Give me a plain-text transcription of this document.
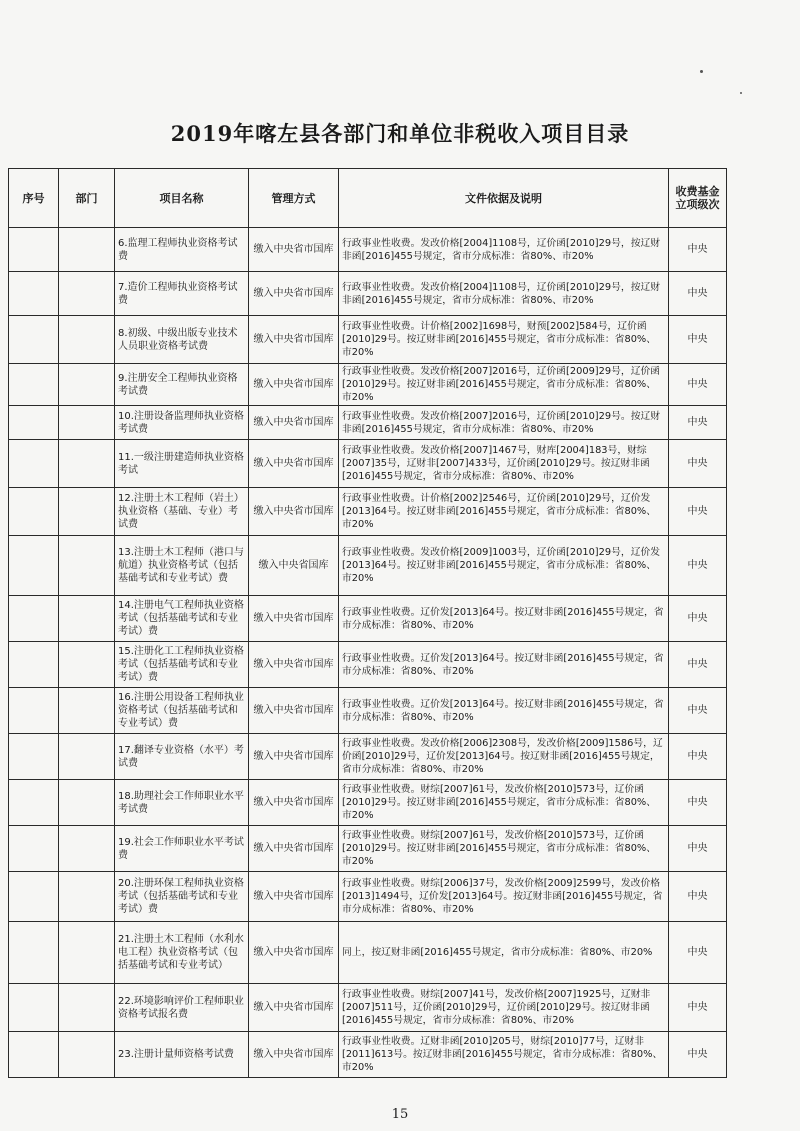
2019年喀左县各部门和单位非税收入项目目录
序号	部门	项目名称	管理方式	文件依据及说明	收费基金立项级次
		6.监理工程师执业资格考试费	缴入中央省市国库	行政事业性收费。发改价格[2004]1108号，辽价函[2010]29号，按辽财非函[2016]455号规定，省市分成标准：省80%、市20%	中央
		7.造价工程师执业资格考试费	缴入中央省市国库	行政事业性收费。发改价格[2004]1108号，辽价函[2010]29号，按辽财非函[2016]455号规定，省市分成标准：省80%、市20%	中央
		8.初级、中级出版专业技术人员职业资格考试费	缴入中央省市国库	行政事业性收费。计价格[2002]1698号，财预[2002]584号，辽价函[2010]29号。按辽财非函[2016]455号规定，省市分成标准：省80%、市20%	中央
		9.注册安全工程师执业资格考试费	缴入中央省市国库	行政事业性收费。发改价格[2007]2016号，辽价函[2009]29号，辽价函[2010]29号。按辽财非函[2016]455号规定，省市分成标准：省80%、市20%	中央
		10.注册设备监理师执业资格考试费	缴入中央省市国库	行政事业性收费。发改价格[2007]2016号，辽价函[2010]29号。按辽财非函[2016]455号规定，省市分成标准：省80%、市20%	中央
		11.一级注册建造师执业资格考试	缴入中央省市国库	行政事业性收费。发改价格[2007]1467号，财库[2004]183号，财综[2007]35号，辽财非[2007]433号，辽价函[2010]29号。按辽财非函[2016]455号规定，省市分成标准：省80%、市20%	中央
		12.注册土木工程师（岩土）执业资格（基础、专业）考试费	缴入中央省市国库	行政事业性收费。计价格[2002]2546号，辽价函[2010]29号，辽价发[2013]64号。按辽财非函[2016]455号规定，省市分成标准：省80%、市20%	中央
		13.注册土木工程师（港口与航道）执业资格考试（包括基础考试和专业考试）费	缴入中央省国库	行政事业性收费。发改价格[2009]1003号，辽价函[2010]29号，辽价发[2013]64号。按辽财非函[2016]455号规定，省市分成标准：省80%、市20%	中央
		14.注册电气工程师执业资格考试（包括基础考试和专业考试）费	缴入中央省市国库	行政事业性收费。辽价发[2013]64号。按辽财非函[2016]455号规定，省市分成标准：省80%、市20%	中央
		15.注册化工工程师执业资格考试（包括基础考试和专业考试）费	缴入中央省市国库	行政事业性收费。辽价发[2013]64号。按辽财非函[2016]455号规定，省市分成标准：省80%、市20%	中央
		16.注册公用设备工程师执业资格考试（包括基础考试和专业考试）费	缴入中央省市国库	行政事业性收费。辽价发[2013]64号。按辽财非函[2016]455号规定，省市分成标准：省80%、市20%	中央
		17.翻译专业资格（水平）考试费	缴入中央省市国库	行政事业性收费。发改价格[2006]2308号，发改价格[2009]1586号，辽价函[2010]29号，辽价发[2013]64号。按辽财非函[2016]455号规定，省市分成标准：省80%、市20%	中央
		18.助理社会工作师职业水平考试费	缴入中央省市国库	行政事业性收费。财综[2007]61号，发改价格[2010]573号，辽价函[2010]29号。按辽财非函[2016]455号规定，省市分成标准：省80%、市20%	中央
		19.社会工作师职业水平考试费	缴入中央省市国库	行政事业性收费。财综[2007]61号，发改价格[2010]573号，辽价函[2010]29号。按辽财非函[2016]455号规定，省市分成标准：省80%、市20%	中央
		20.注册环保工程师执业资格考试（包括基础考试和专业考试）费	缴入中央省市国库	行政事业性收费。财综[2006]37号，发改价格[2009]2599号，发改价格[2013]1494号，辽价发[2013]64号。按辽财非函[2016]455号规定，省市分成标准：省80%、市20%	中央
		21.注册土木工程师（水利水电工程）执业资格考试（包括基础考试和专业考试）	缴入中央省市国库	同上，按辽财非函[2016]455号规定，省市分成标准：省80%、市20%	中央
		22.环境影响评价工程师职业资格考试报名费	缴入中央省市国库	行政事业性收费。财综[2007]41号，发改价格[2007]1925号，辽财非[2007]511号，辽价函[2010]29号，辽价函[2010]29号。按辽财非函[2016]455号规定，省市分成标准：省80%、市20%	中央
		23.注册计量师资格考试费	缴入中央省市国库	行政事业性收费。辽财非函[2010]205号，财综[2010]77号，辽财非[2011]613号。按辽财非函[2016]455号规定，省市分成标准：省80%、市20%	中央
15
